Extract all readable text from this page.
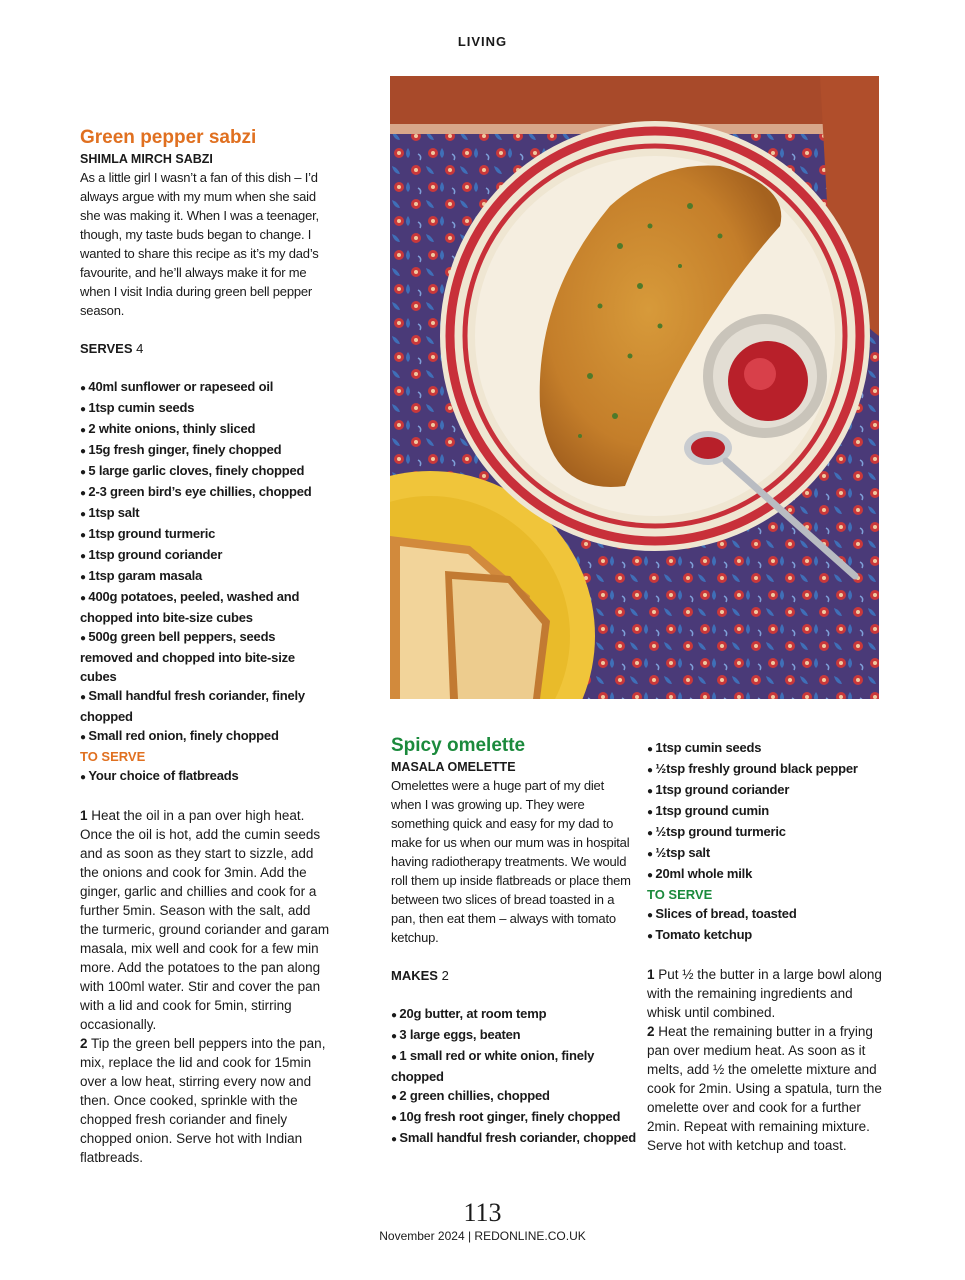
LIVING
Green pepper sabzi
SHIMLA MIRCH SABZI
As a little girl I wasn’t a fan of this dish – I’d always argue with my mum when she said she was making it. When I was a teenager, though, my taste buds began to change. I wanted to share this recipe as it’s my dad’s favourite, and he’ll always make it for me when I visit India during green bell pepper season.
SERVES 4
● 40ml sunflower or rapeseed oil
● 1tsp cumin seeds
● 2 white onions, thinly sliced
● 15g fresh ginger, finely chopped
● 5 large garlic cloves, finely chopped
● 2-3 green bird’s eye chillies, chopped
● 1tsp salt
● 1tsp ground turmeric
● 1tsp ground coriander
● 1tsp garam masala
● 400g potatoes, peeled, washed and chopped into bite-size cubes
● 500g green bell peppers, seeds removed and chopped into bite-size cubes
● Small handful fresh coriander, finely chopped
● Small red onion, finely chopped
TO SERVE
● Your choice of flatbreads

1 Heat the oil in a pan over high heat. Once the oil is hot, add the cumin seeds and as soon as they start to sizzle, add the onions and cook for 3min. Add the ginger, garlic and chillies and cook for a further 5min. Season with the salt, add the turmeric, ground coriander and garam masala, mix well and cook for a few min more. Add the potatoes to the pan along with 100ml water. Stir and cover the pan with a lid and cook for 5min, stirring occasionally.

2 Tip the green bell peppers into the pan, mix, replace the lid and cook for 15min over a low heat, stirring every now and then. Once cooked, sprinkle with the chopped fresh coriander and finely chopped onion. Serve hot with Indian flatbreads.

Spicy omelette
MASALA OMELETTE
Omelettes were a huge part of my diet when I was growing up. They were something quick and easy for my dad to make for us when our mum was in hospital having radiotherapy treatments. We would roll them up inside flatbreads or place them between two slices of bread toasted in a pan, then eat them – always with tomato ketchup.
MAKES 2
● 20g butter, at room temp
● 3 large eggs, beaten
● 1 small red or white onion, finely chopped
● 2 green chillies, chopped
● 10g fresh root ginger, finely chopped
● Small handful fresh coriander, chopped
● 1tsp cumin seeds
● ½tsp freshly ground black pepper
● 1tsp ground coriander
● 1tsp ground cumin
● ½tsp ground turmeric
● ½tsp salt
● 20ml whole milk
TO SERVE
● Slices of bread, toasted
● Tomato ketchup

1 Put ½ the butter in a large bowl along with the remaining ingredients and whisk until combined.

2 Heat the remaining butter in a frying pan over medium heat. As soon as it melts, add ½ the omelette mixture and cook for 2min. Using a spatula, turn the omelette over and cook for a further 2min. Repeat with remaining mixture. Serve hot with ketchup and toast.

113
November 2024 | REDONLINE.CO.UK
